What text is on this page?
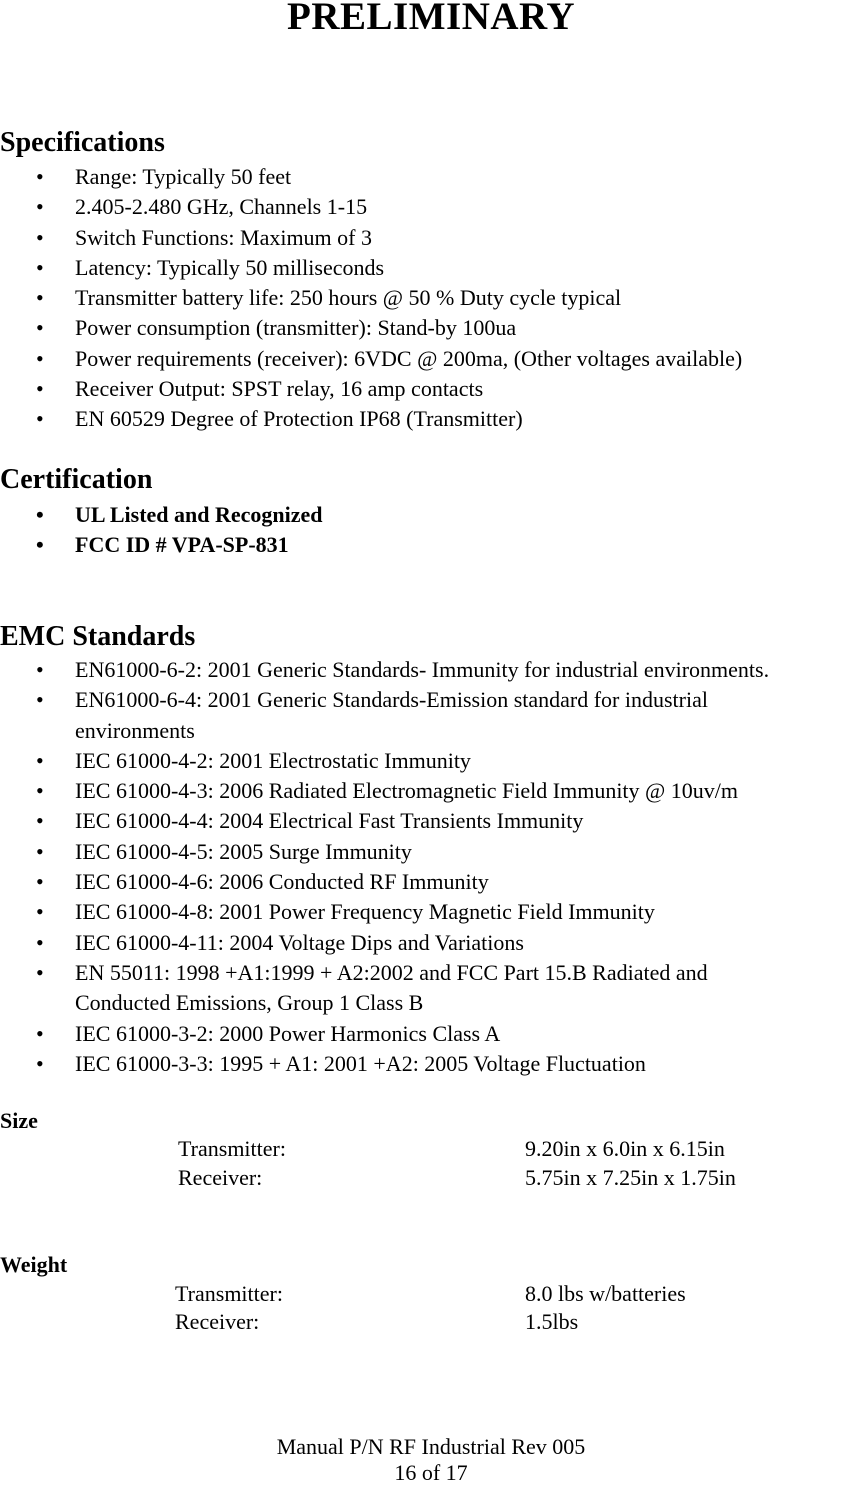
PRELIMINARY
Specifications
• Range: Typically 50 feet
• 2.405-2.480 GHz, Channels 1-15
• Switch Functions: Maximum of 3
• Latency: Typically 50 milliseconds
• Transmitter battery life: 250 hours @ 50 % Duty cycle typical
• Power consumption (transmitter): Stand-by 100ua
• Power requirements (receiver): 6VDC @ 200ma, (Other voltages available)
• Receiver Output: SPST relay, 16 amp contacts
• EN 60529 Degree of Protection IP68 (Transmitter)
Certification
• UL Listed and Recognized
• FCC ID # VPA-SP-831
EMC Standards
• EN61000-6-2: 2001 Generic Standards- Immunity for industrial environments.
• EN61000-6-4: 2001 Generic Standards-Emission standard for industrial
environments
• IEC 61000-4-2: 2001 Electrostatic Immunity
• IEC 61000-4-3: 2006 Radiated Electromagnetic Field Immunity @ 10uv/m
• IEC 61000-4-4: 2004 Electrical Fast Transients Immunity
• IEC 61000-4-5: 2005 Surge Immunity
• IEC 61000-4-6: 2006 Conducted RF Immunity
• IEC 61000-4-8: 2001 Power Frequency Magnetic Field Immunity
• IEC 61000-4-11: 2004 Voltage Dips and Variations
• EN 55011: 1998 +A1:1999 + A2:2002 and FCC Part 15.B Radiated and
Conducted Emissions, Group 1 Class B
• IEC 61000-3-2: 2000 Power Harmonics Class A
• IEC 61000-3-3: 1995 + A1: 2001 +A2: 2005 Voltage Fluctuation
Size
Transmitter:	9.20in x 6.0in x 6.15in
Receiver:	5.75in x 7.25in x 1.75in
Weight
Transmitter:	8.0 lbs w/batteries
Receiver:	1.5lbs
Manual P/N RF Industrial Rev 005
16 of 17
